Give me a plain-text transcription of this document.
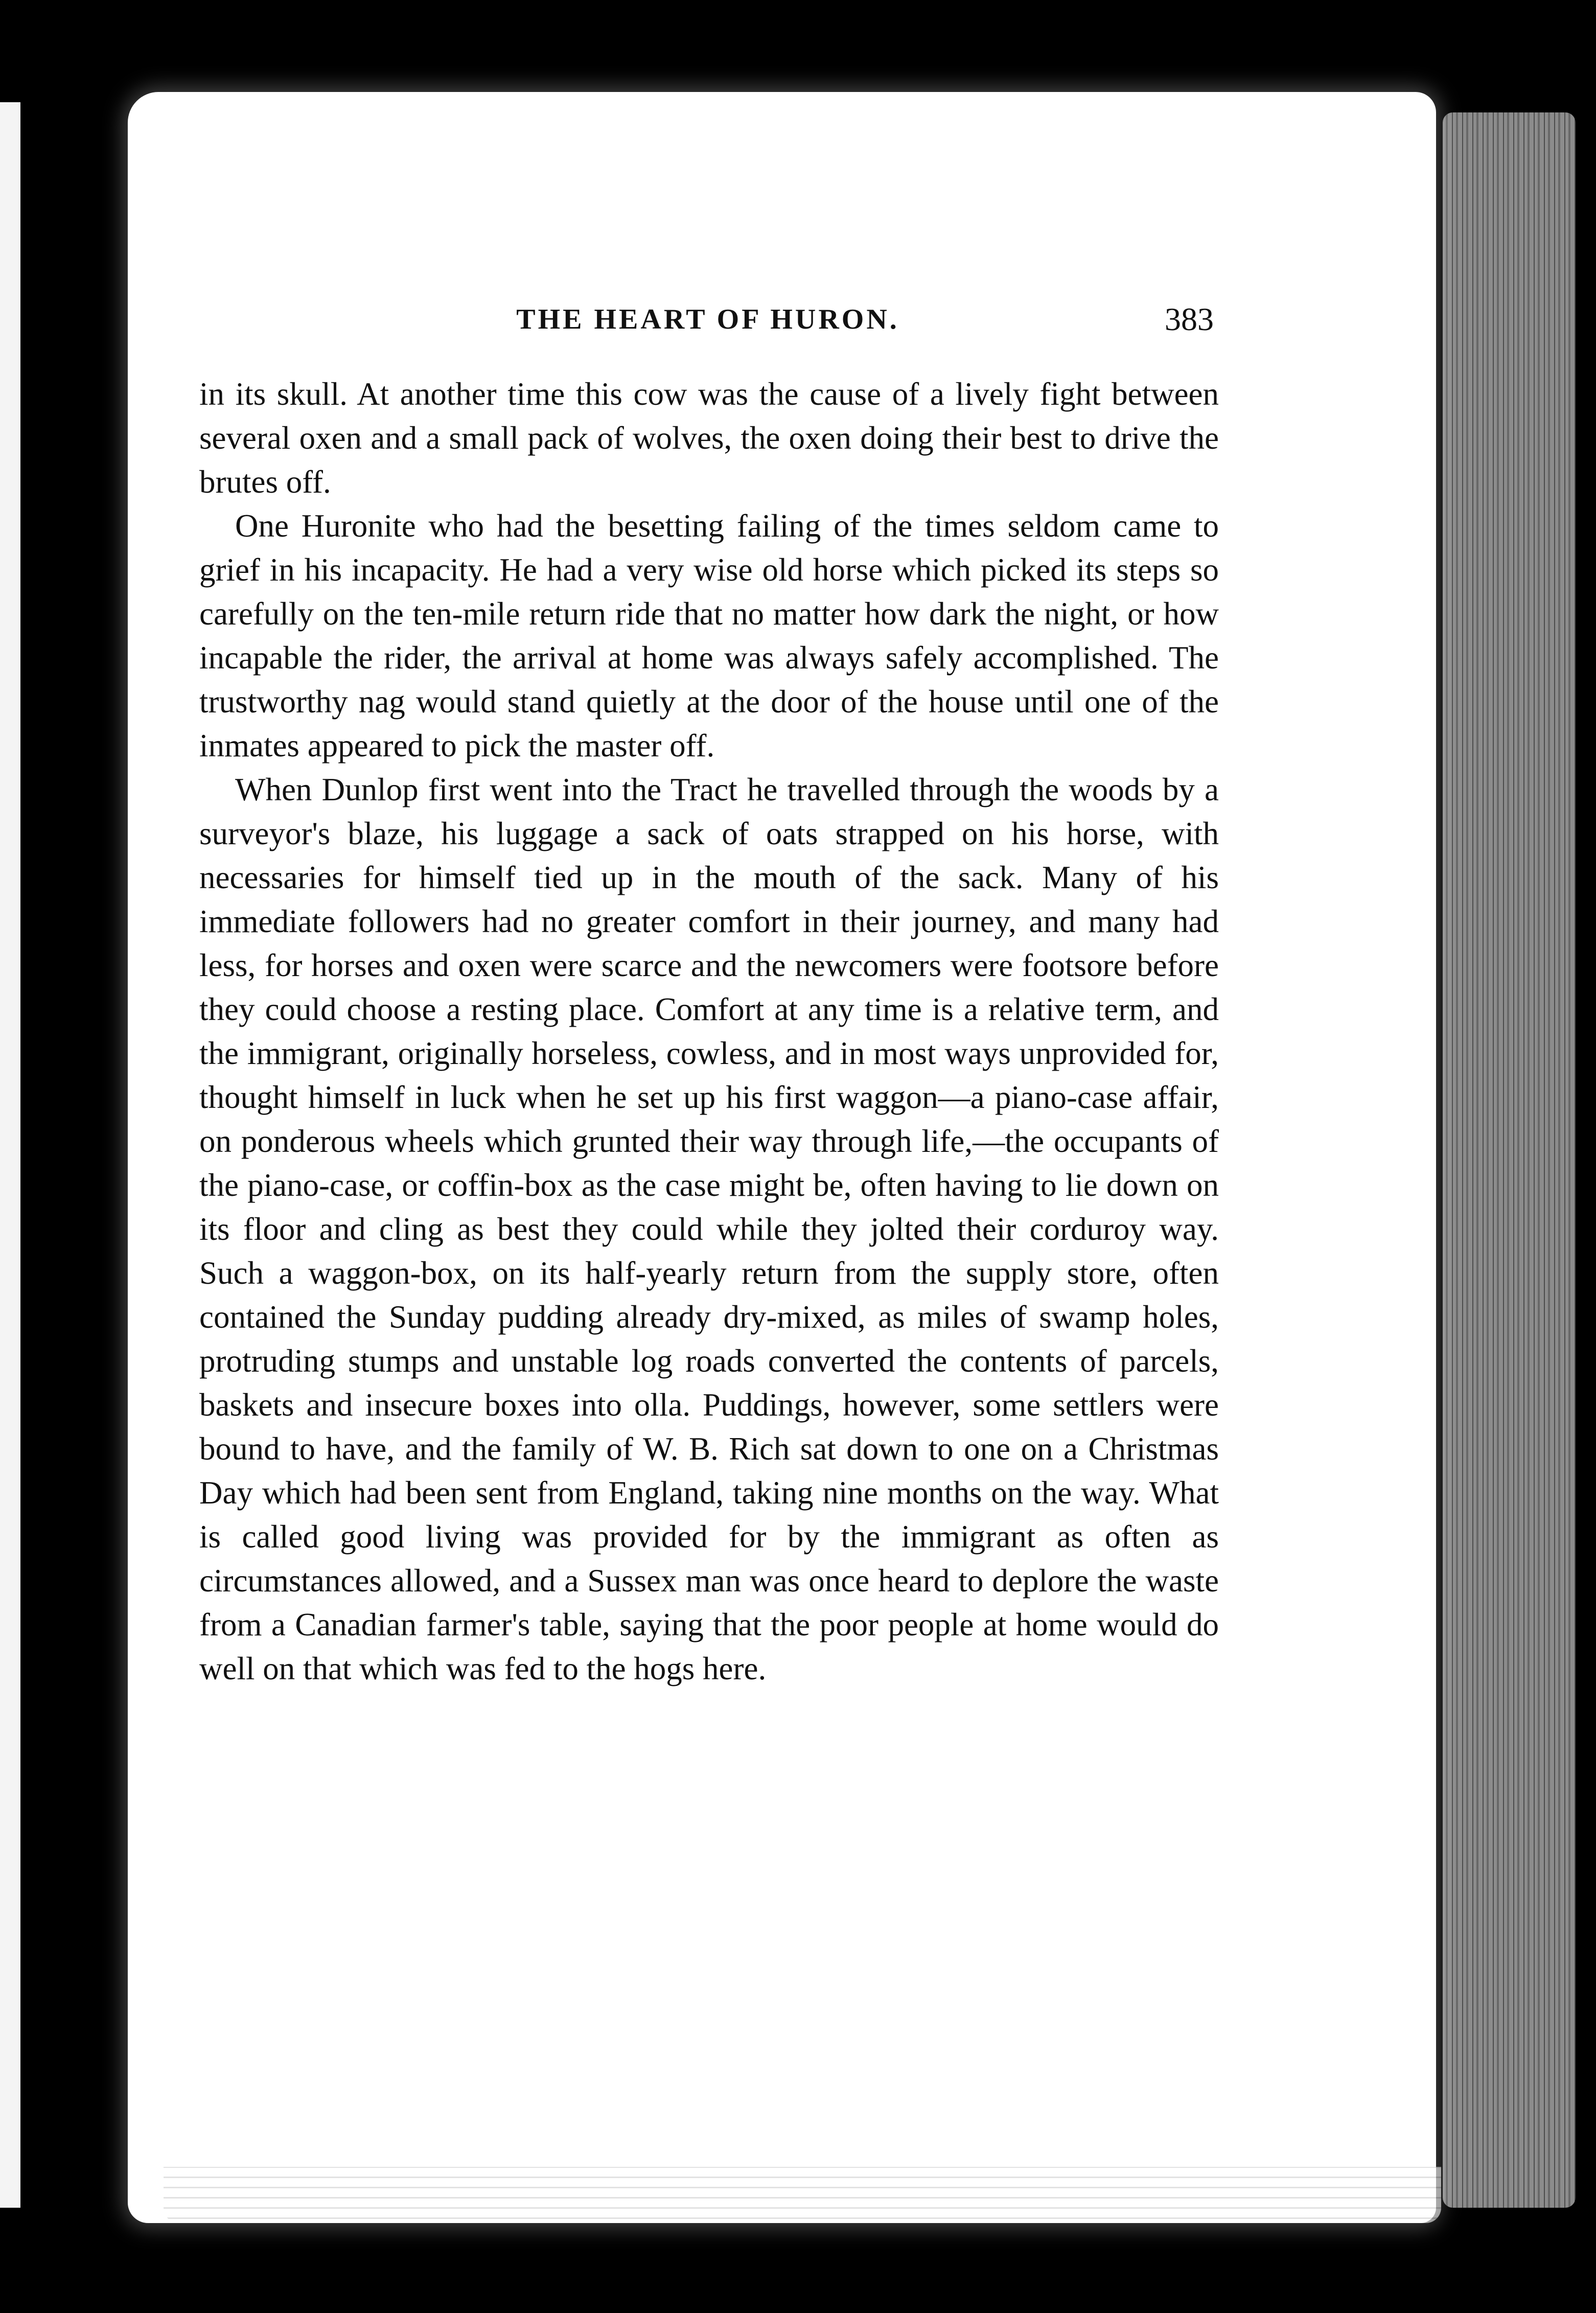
THE HEART OF HURON.	383

in its skull. At another time this cow was the cause of a lively fight between several oxen and a small pack of wolves, the oxen doing their best to drive the brutes off.

One Huronite who had the besetting failing of the times seldom came to grief in his incapacity. He had a very wise old horse which picked its steps so carefully on the ten-mile return ride that no matter how dark the night, or how incapable the rider, the arrival at home was always safely accomplished. The trustworthy nag would stand quietly at the door of the house until one of the inmates appeared to pick the master off.

When Dunlop first went into the Tract he travelled through the woods by a surveyor's blaze, his luggage a sack of oats strapped on his horse, with necessaries for himself tied up in the mouth of the sack. Many of his immediate followers had no greater comfort in their journey, and many had less, for horses and oxen were scarce and the newcomers were footsore before they could choose a resting place. Comfort at any time is a relative term, and the immigrant, originally horseless, cowless, and in most ways unprovided for, thought himself in luck when he set up his first waggon—a piano-case affair, on ponderous wheels which grunted their way through life,—the occupants of the piano-case, or coffin-box as the case might be, often having to lie down on its floor and cling as best they could while they jolted their corduroy way. Such a waggon-box, on its half-yearly return from the supply store, often contained the Sunday pudding already dry-mixed, as miles of swamp holes, protruding stumps and unstable log roads converted the contents of parcels, baskets and insecure boxes into olla. Puddings, however, some settlers were bound to have, and the family of W. B. Rich sat down to one on a Christmas Day which had been sent from England, taking nine months on the way. What is called good living was provided for by the immigrant as often as circumstances allowed, and a Sussex man was once heard to deplore the waste from a Canadian farmer's table, saying that the poor people at home would do well on that which was fed to the hogs here.
